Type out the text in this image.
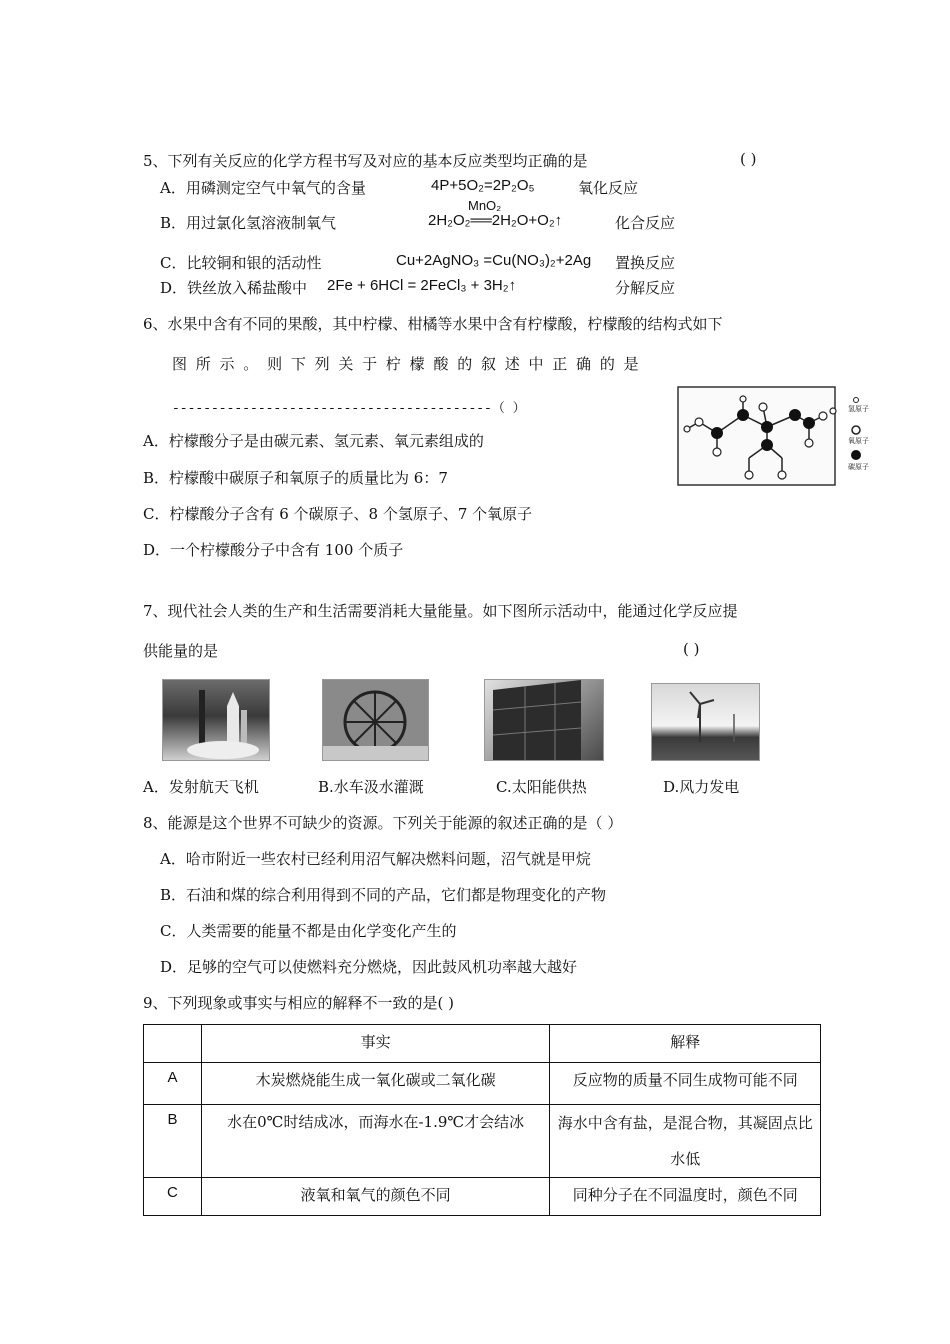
5、下列有关反应的化学方程书写及对应的基本反应类型均正确的是	( )
A．用磷测定空气中氧气的含量	4P+5O₂=2P₂O₅	氧化反应
B．用过氯化氢溶液制氧气
MnO₂
2H₂O₂══2H₂O+O₂↑	化合反应
C．比较铜和银的活动性	Cu+2AgNO₃ =Cu(NO₃)₂+2Ag 置换反应
D．铁丝放入稀盐酸中 2Fe + 6HCl = 2FeCl₃ + 3H₂↑	分解反应
6、水果中含有不同的果酸，其中柠檬、柑橘等水果中含有柠檬酸，柠檬酸的结构式如下
图 所 示 。 则 下 列 关 于 柠 檬 酸 的 叙 述 中 正 确 的 是
-----------------------------------------（ ）	氢原子
氧原子
碳原子
A．柠檬酸分子是由碳元素、氢元素、氧元素组成的
B．柠檬酸中碳原子和氧原子的质量比为 6：7
C．柠檬酸分子含有 6 个碳原子、8 个氢原子、7 个氧原子
D．一个柠檬酸分子中含有 100 个质子
7、现代社会人类的生产和生活需要消耗大量能量。如下图所示活动中，能通过化学反应提
供能量的是	( )
A．发射航天飞机	B.水车汲水灌溉	C.太阳能供热	D.风力发电
8、能源是这个世界不可缺少的资源。下列关于能源的叙述正确的是（ ）
A．哈市附近一些农村已经利用沼气解决燃料问题，沼气就是甲烷
B．石油和煤的综合利用得到不同的产品，它们都是物理变化的产物
C．人类需要的能量不都是由化学变化产生的
D．足够的空气可以使燃料充分燃烧，因此鼓风机功率越大越好
9、下列现象或事实与相应的解释不一致的是( )
	事实	解释
A	木炭燃烧能生成一氧化碳或二氧化碳	反应物的质量不同生成物可能不同
B	水在0℃时结成冰，而海水在-1.9℃才会结冰	海水中含有盐，是混合物，其凝固点比水低
C	液氧和氧气的颜色不同	同种分子在不同温度时，颜色不同
